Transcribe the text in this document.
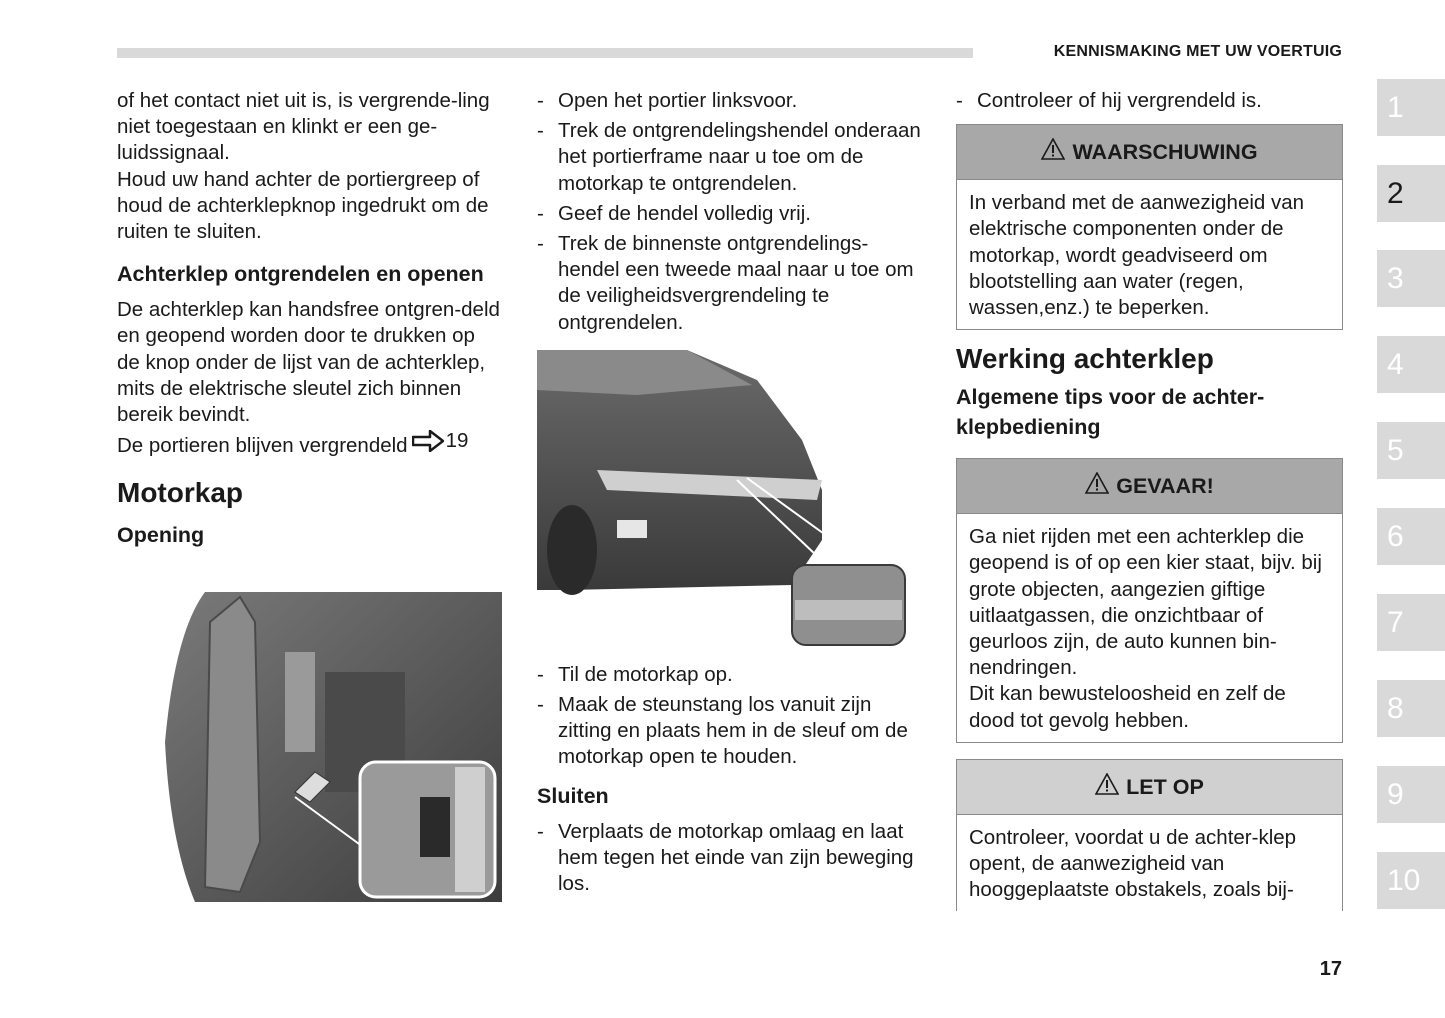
KENNISMAKING MET UW VOERTUIG

of het contact niet uit is, is vergrende-ling niet toegestaan en klinkt er een ge-luidssignaal.

Houd uw hand achter de portiergreep of houd de achterklepknop ingedrukt om de ruiten te sluiten.

Achterklep ontgrendelen en openen

De achterklep kan handsfree ontgren-deld en geopend worden door te drukken op de knop onder de lijst van de achterklep, mits de elektrische sleutel zich binnen bereik bevindt.

De portieren blijven vergrendeld 19

Motorkap
Opening
- Open het portier linksvoor.
- Trek de ontgrendelingshendel onderaan het portierframe naar u toe om de motorkap te ontgrendelen.
- Geef de hendel volledig vrij.
- Trek de binnenste ontgrendelings-hendel een tweede maal naar u toe om de veiligheidsvergrendeling te ontgrendelen.
- Til de motorkap op.
- Maak de steunstang los vanuit zijn zitting en plaats hem in de sleuf om de motorkap open te houden.
Sluiten
- Verplaats de motorkap omlaag en laat hem tegen het einde van zijn beweging los.
- Controleer of hij vergrendeld is.
WAARSCHUWING
In verband met de aanwezigheid van elektrische componenten onder de motorkap, wordt geadviseerd om blootstelling aan water (regen, wassen,enz.) te beperken.
Werking achterklep
Algemene tips voor de achter-klepbediening
GEVAAR!

Ga niet rijden met een achterklep die geopend is of op een kier staat, bijv. bij grote objecten, aangezien giftige uitlaatgassen, die onzichtbaar of geurloos zijn, de auto kunnen bin-nendringen.

Dit kan bewusteloosheid en zelf de dood tot gevolg hebben.

LET OP
Controleer, voordat u de achter-klep opent, de aanwezigheid van hooggeplaatste obstakels, zoals bij-
1
2
3
4
5
6
7
8
9
10
17
